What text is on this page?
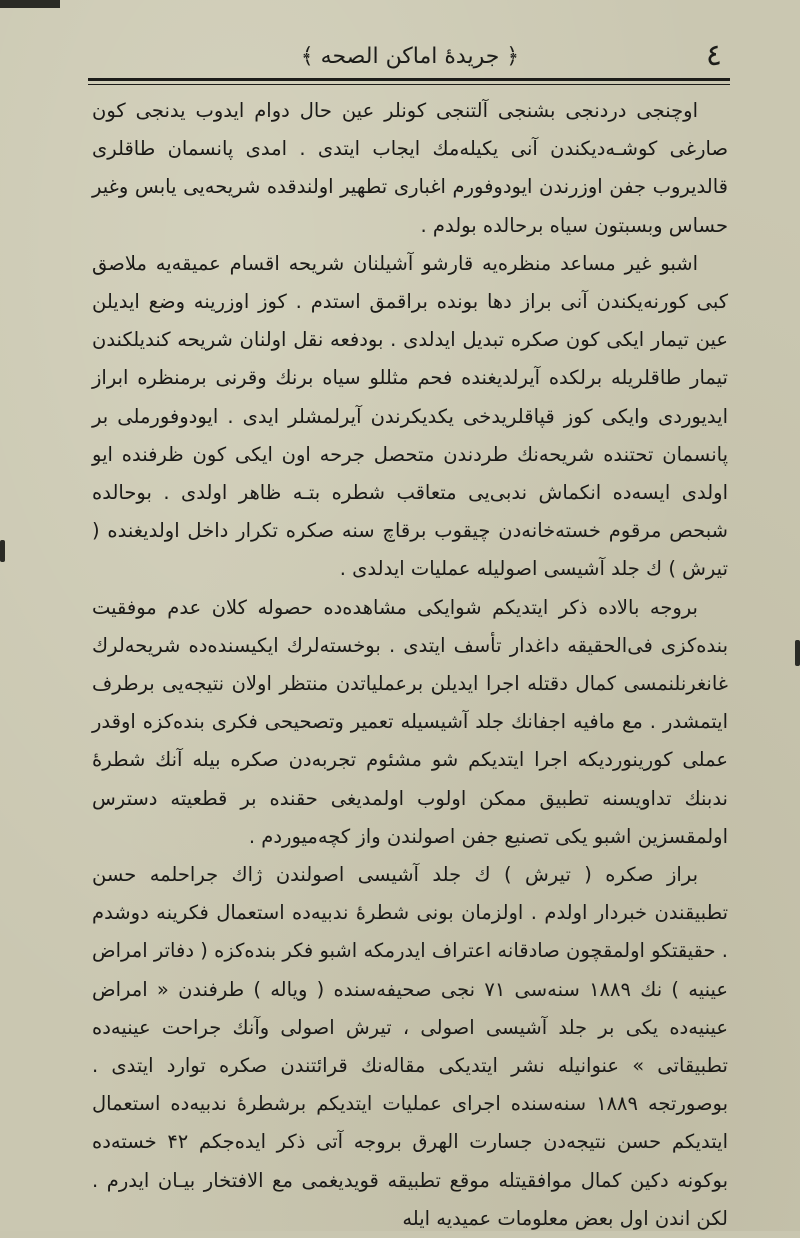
٤
﴿ جريدهٔ اماكن الصحه ﴾

اوچنجی دردنجی بشنجی آلتنجی کونلر عین حال دوام ایدوب یدنجی کون صارغی کوشـه‌دیکندن آنی یکیله‌مك ایجاب ایتدی . امدی پانسمان طاقلری قالدیروب جفن اوزرندن ایودوفورم اغباری تطهیر اولندقده شریحه‌یی یابس وغیر حساس وبسبتون سیاه برحالده بولدم .

اشبو غیر مساعد منظره‌یه قارشو آشیلنان شریحه اقسام عمیقه‌یه ملاصق کبی کورنه‌یکندن آنی براز دها بونده براقمق استدم . کوز اوزرینه وضع ایدیلن عین تیمار ایکی کون صکره تبدیل ایدلدی . بودفعه نقل اولنان شریحه کندیلکندن تیمار طاقلریله برلکده آیرلدیغنده فحم مثللو سیاه برنك وقرنی برمنظره ابراز ایدیوردی وایکی کوز قپاقلریدخی یکدیکرندن آیرلمشلر ایدی . ایودوفورملی بر پانسمان تحتنده شریحه‌نك طردندن متحصل جرحه اون ایکی کون ظرفنده ایو اولدی ایسه‌ده انکماش ندبی‌یی متعاقب شطره بتـه ظاهر اولدی . بوحالده شبحص مرقوم خسته‌خانه‌دن چیقوب برقاچ سنه صکره تکرار داخل اولدیغنده ( تیرش ) ك جلد آشیسی اصولیله عملیات ایدلدی .

بروجه بالاده ذکر ایتدیکم شوایکی مشاهده‌ده حصوله کلان عدم موفقیت بنده‌کزی فی‌الحقیقه داغدار تأسف ایتدی . بوخسته‌لرك ایکیسنده‌ده شریحه‌لرك غانغرنلنمسی کمال دقتله اجرا ایدیلن برعملیاتدن منتظر اولان نتیجه‌یی برطرف ایتمشدر . مع مافیه اجفانك جلد آشیسیله تعمیر وتصحیحی فکری بنده‌کزه اوقدر عملی کورینوردیکه اجرا ایتدیکم شو مشئوم تجربه‌دن صکره بیله آنك شطرهٔ ندبنك تداویسنه تطبیق ممکن اولوب اولمدیغی حقنده بر قطعیته دسترس اولمقسزین اشبو یکی تصنیع جفن اصولندن واز کچه‌میوردم .

براز صکره ( تیرش ) ك جلد آشیسی اصولندن ژاك جراحلمه حسن تطبیقندن خبردار اولدم . اولزمان بونی شطرهٔ ندبیه‌ده استعمال فکرینه دوشدم . حقیقتکو اولمقچون صادقانه اعتراف ایدرمکه اشبو فکر بنده‌کزه ( دفاتر امراض عینیه ) نك ۱۸۸۹ سنه‌سی ۷۱ نجی صحیفه‌سنده ( ویاله ) طرفندن « امراض عینیه‌ده یکی بر جلد آشیسی اصولی ، تیرش اصولی وآنك جراحت عینیه‌ده تطبیقاتی » عنوانیله نشر ایتدیکی مقاله‌نك قرائتندن صکره توارد ایتدی . بوصورتجه ۱۸۸۹ سنه‌سنده اجرای عملیات ایتدیکم برشطرهٔ ندبیه‌ده استعمال ایتدیکم حسن نتیجه‌دن جسارت الهرق بروجه آتی ذکر ایده‌جکم ۴۲ خسته‌ده بوکونه دکین کمال موافقیتله موقع تطبیقه قویدیغمی مع الافتخار بیـان ایدرم . لکن اندن اول بعض معلومات عمیدیه ایله
